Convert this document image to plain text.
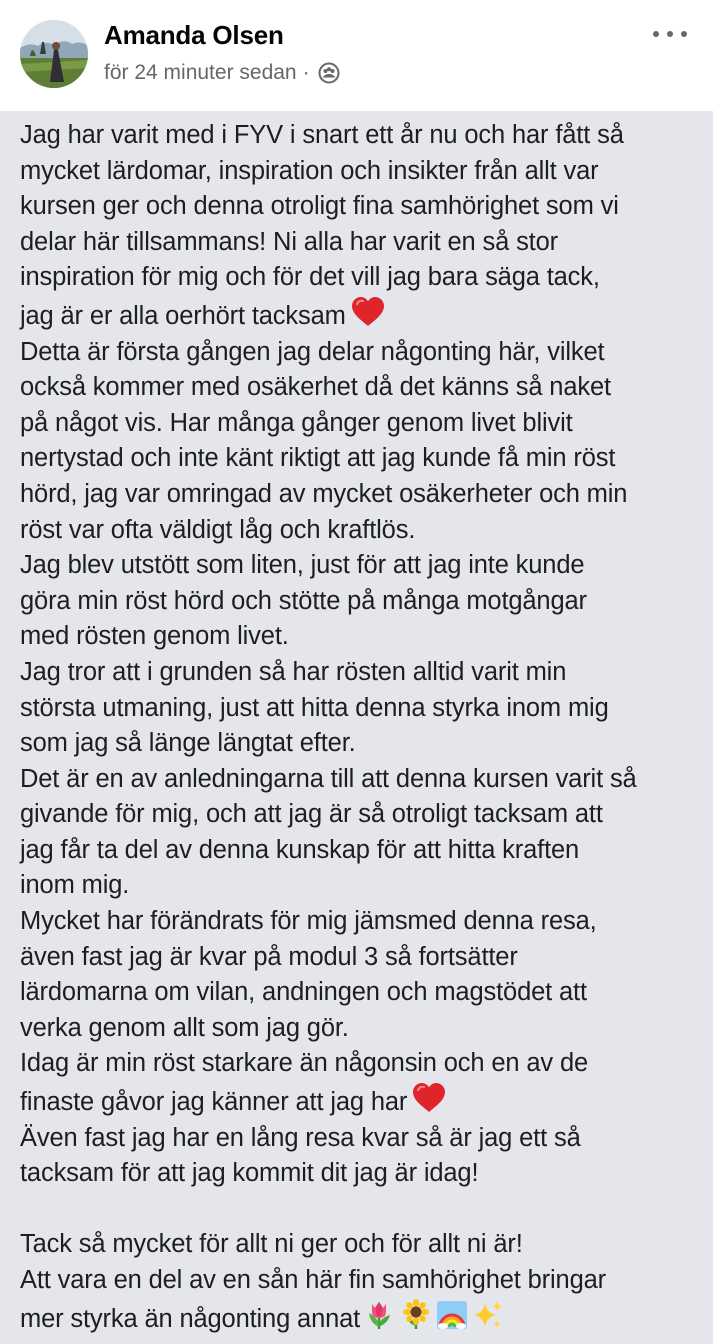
Amanda Olsen
för 24 minuter sedan ·

Jag har varit med i FYV i snart ett år nu och har fått så

mycket lärdomar, inspiration och insikter från allt var

kursen ger och denna otroligt fina samhörighet som vi

delar här tillsammans! Ni alla har varit en så stor

inspiration för mig och för det vill jag bara säga tack,

jag är er alla oerhört tacksam

Detta är första gången jag delar någonting här, vilket

också kommer med osäkerhet då det känns så naket

på något vis. Har många gånger genom livet blivit

nertystad och inte känt riktigt att jag kunde få min röst

hörd, jag var omringad av mycket osäkerheter och min

röst var ofta väldigt låg och kraftlös.

Jag blev utstött som liten, just för att jag inte kunde

göra min röst hörd och stötte på många motgångar

med rösten genom livet.

Jag tror att i grunden så har rösten alltid varit min

största utmaning, just att hitta denna styrka inom mig

som jag så länge längtat efter.

Det är en av anledningarna till att denna kursen varit så

givande för mig, och att jag är så otroligt tacksam att

jag får ta del av denna kunskap för att hitta kraften

inom mig.

Mycket har förändrats för mig jämsmed denna resa,

även fast jag är kvar på modul 3 så fortsätter

lärdomarna om vilan, andningen och magstödet att

verka genom allt som jag gör.

Idag är min röst starkare än någonsin och en av de

finaste gåvor jag känner att jag har

Även fast jag har en lång resa kvar så är jag ett så

tacksam för att jag kommit dit jag är idag!

Tack så mycket för allt ni ger och för allt ni är!

Att vara en del av en sån här fin samhörighet bringar

mer styrka än någonting annat
